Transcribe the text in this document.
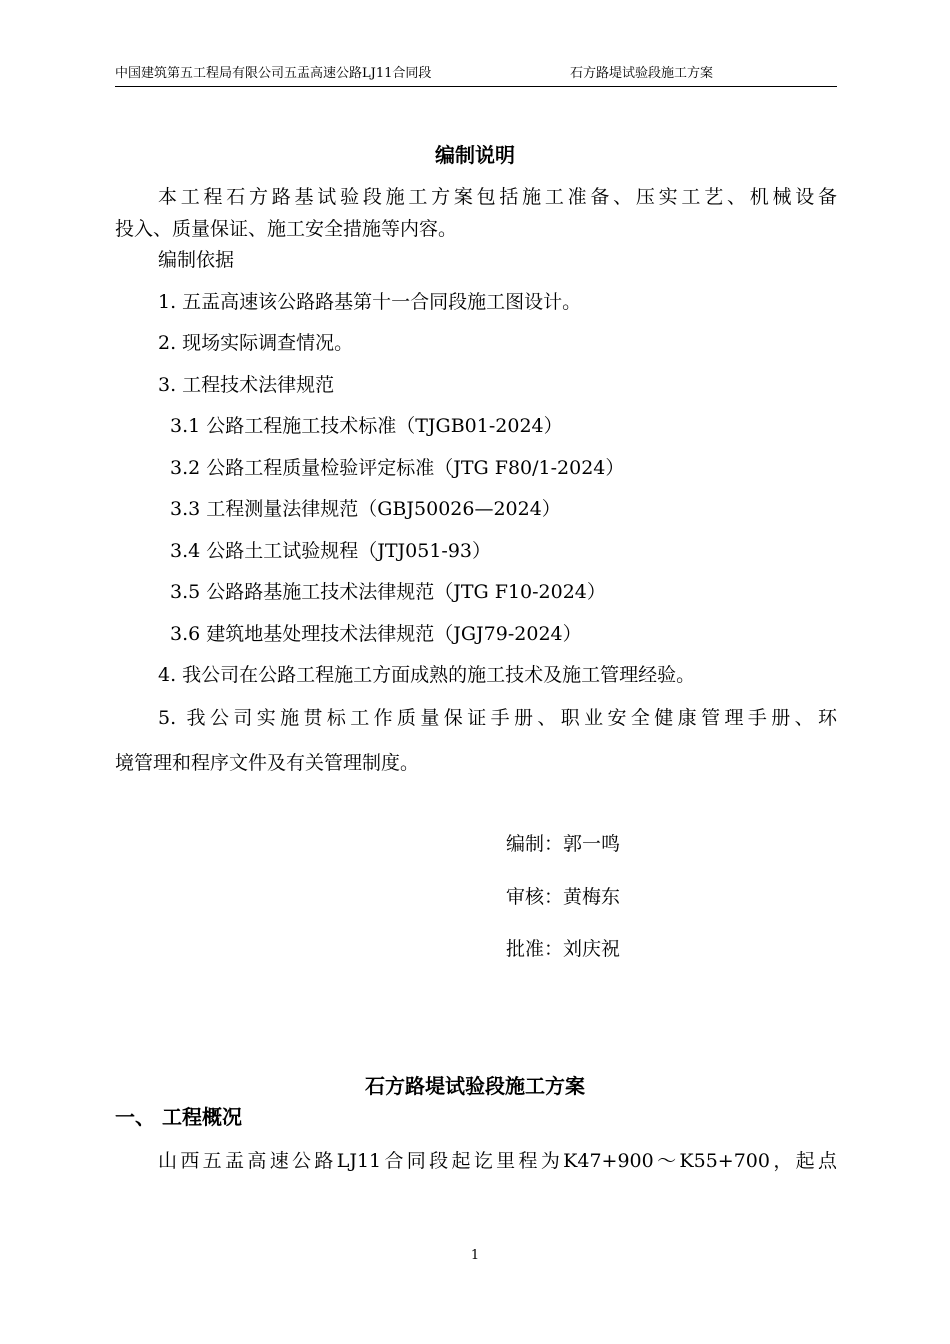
中国建筑第五工程局有限公司五盂高速公路LJ11合同段	石方路堤试验段施工方案
编制说明
本工程石方路基试验段施工方案包括施工准备、压实工艺、机械设备
投入、质量保证、施工安全措施等内容。
编制依据
1. 五盂高速该公路路基第十一合同段施工图设计。
2. 现场实际调查情况。
3. 工程技术法律规范
3.1 公路工程施工技术标准（TJGB01-2024）
3.2 公路工程质量检验评定标准（JTG F80/1-2024）
3.3 工程测量法律规范（GBJ50026—2024）
3.4 公路土工试验规程（JTJ051-93）
3.5 公路路基施工技术法律规范（JTG F10-2024）
3.6 建筑地基处理技术法律规范（JGJ79-2024）
4. 我公司在公路工程施工方面成熟的施工技术及施工管理经验。
5. 我公司实施贯标工作质量保证手册、职业安全健康管理手册、环
境管理和程序文件及有关管理制度。
编制：郭一鸣
审核：黄梅东
批准：刘庆祝
石方路堤试验段施工方案
一、 工程概况
山西五盂高速公路LJ11合同段起讫里程为K47+900～K55+700，起点
1
